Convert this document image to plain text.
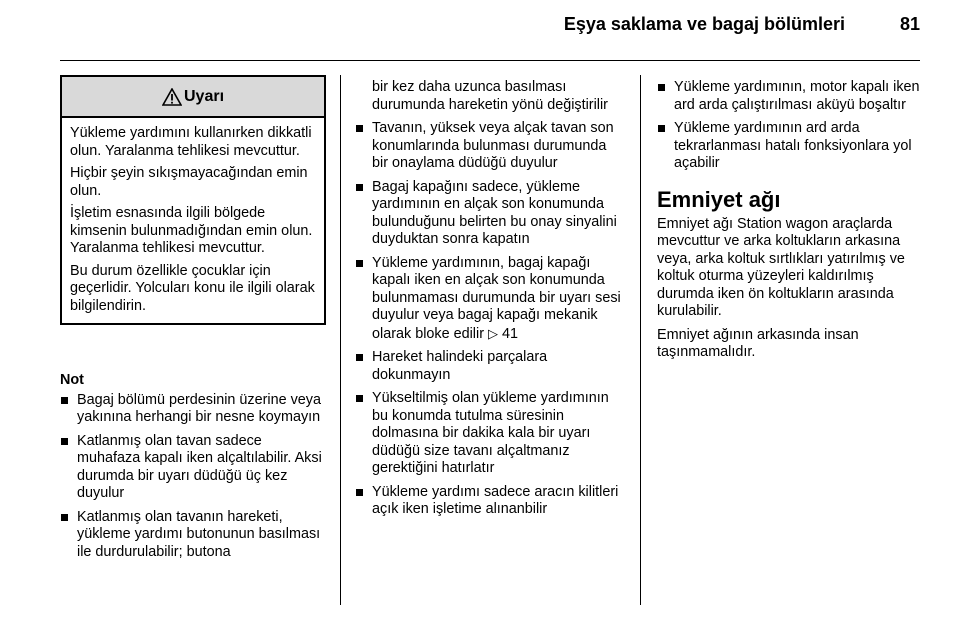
Eşya saklama ve bagaj bölümleri	81
Uyarı

Yükleme yardımını kullanırken dikkatli olun. Yaralanma tehlikesi mevcuttur.

Hiçbir şeyin sıkışmayacağından emin olun.

İşletim esnasında ilgili bölgede kimsenin bulunmadığından emin olun. Yaralanma tehlikesi mevcuttur.

Bu durum özellikle çocuklar için geçerlidir. Yolcuları konu ile ilgili olarak bilgilendirin.

Not
Bagaj bölümü perdesinin üzerine veya yakınına herhangi bir nesne koymayın
Katlanmış olan tavan sadece muhafaza kapalı iken alçaltılabilir. Aksi durumda bir uyarı düdüğü üç kez duyulur
Katlanmış olan tavanın hareketi, yükleme yardımı butonunun basılması ile durdurulabilir; butona
bir kez daha uzunca basılması durumunda hareketin yönü değiştirilir
Tavanın, yüksek veya alçak tavan son konumlarında bulunması durumunda bir onaylama düdüğü duyulur
Bagaj kapağını sadece, yükleme yardımının en alçak son konumunda bulunduğunu belirten bu onay sinyalini duyduktan sonra kapatın
Yükleme yardımının, bagaj kapağı kapalı iken en alçak son konumunda bulunmaması durumunda bir uyarı sesi duyulur veya bagaj kapağı mekanik olarak bloke edilir ▷ 41
Hareket halindeki parçalara dokunmayın
Yükseltilmiş olan yükleme yardımının bu konumda tutulma süresinin dolmasına bir dakika kala bir uyarı düdüğü size tavanı alçaltmanız gerektiğini hatırlatır
Yükleme yardımı sadece aracın kilitleri açık iken işletime alınanbilir
Yükleme yardımının, motor kapalı iken ard arda çalıştırılması aküyü boşaltır
Yükleme yardımının ard arda tekrarlanması hatalı fonksiyonlara yol açabilir
Emniyet ağı

Emniyet ağı Station wagon araçlarda mevcuttur ve arka koltukların arkasına veya, arka koltuk sırtlıkları yatırılmış ve koltuk oturma yüzeyleri kaldırılmış durumda iken ön koltukların arasında kurulabilir.

Emniyet ağının arkasında insan taşınmamalıdır.
